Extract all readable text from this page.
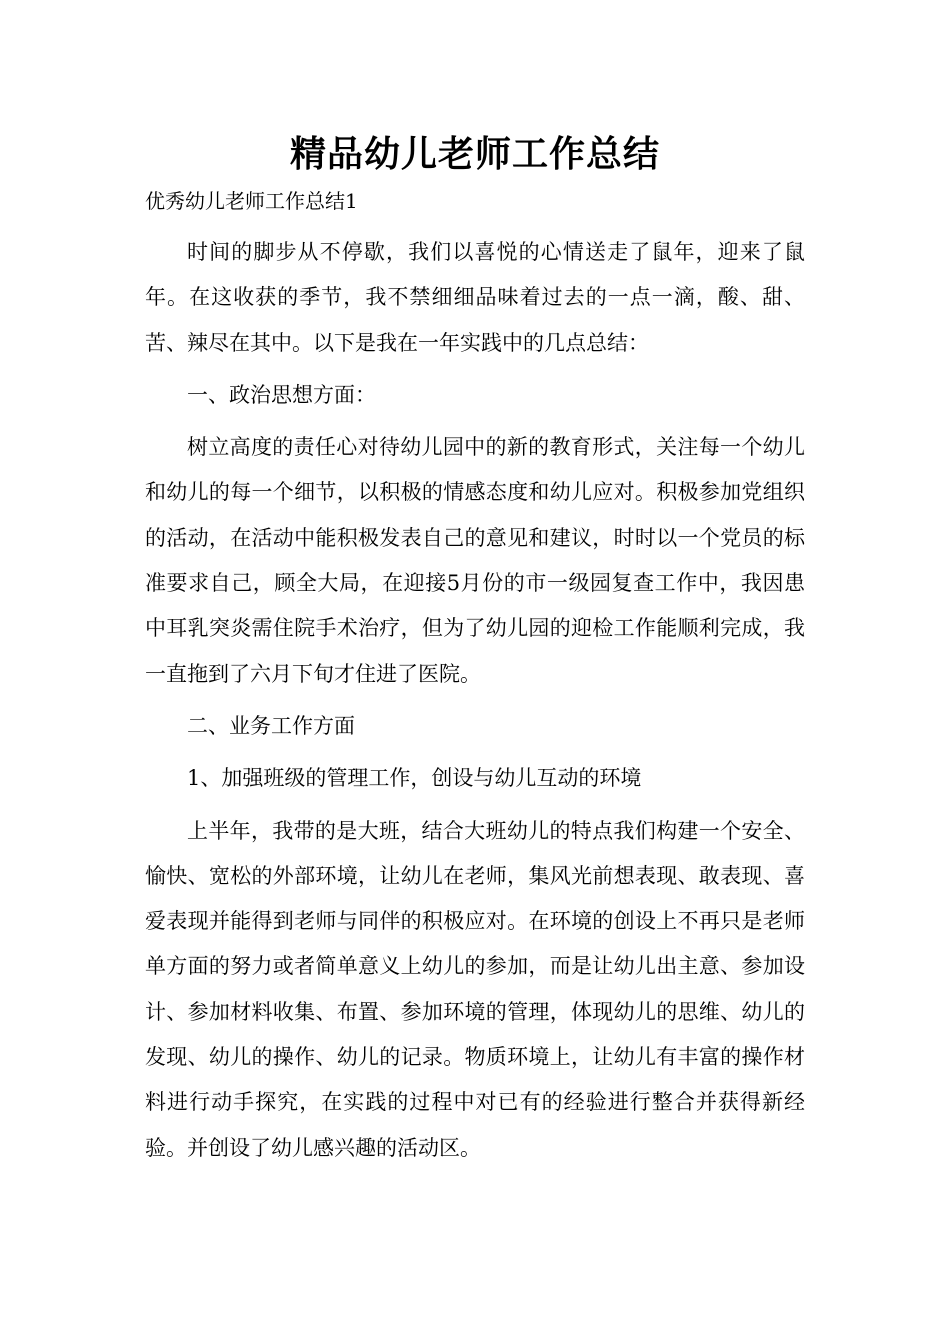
精品幼儿老师工作总结
优秀幼儿老师工作总结1

时间的脚步从不停歇，我们以喜悦的心情送走了鼠年，迎来了鼠年。在这收获的季节，我不禁细细品味着过去的一点一滴，酸、甜、苦、辣尽在其中。以下是我在一年实践中的几点总结：

一、政治思想方面：

树立高度的责任心对待幼儿园中的新的教育形式，关注每一个幼儿和幼儿的每一个细节，以积极的情感态度和幼儿应对。积极参加党组织的活动，在活动中能积极发表自己的意见和建议，时时以一个党员的标准要求自己，顾全大局，在迎接5月份的市一级园复查工作中，我因患中耳乳突炎需住院手术治疗，但为了幼儿园的迎检工作能顺利完成，我一直拖到了六月下旬才住进了医院。

二、业务工作方面

1、加强班级的管理工作，创设与幼儿互动的环境

上半年，我带的是大班，结合大班幼儿的特点我们构建一个安全、愉快、宽松的外部环境，让幼儿在老师，集风光前想表现、敢表现、喜爱表现并能得到老师与同伴的积极应对。在环境的创设上不再只是老师单方面的努力或者简单意义上幼儿的参加，而是让幼儿出主意、参加设计、参加材料收集、布置、参加环境的管理，体现幼儿的思维、幼儿的发现、幼儿的操作、幼儿的记录。物质环境上，让幼儿有丰富的操作材料进行动手探究，在实践的过程中对已有的经验进行整合并获得新经验。并创设了幼儿感兴趣的活动区。
